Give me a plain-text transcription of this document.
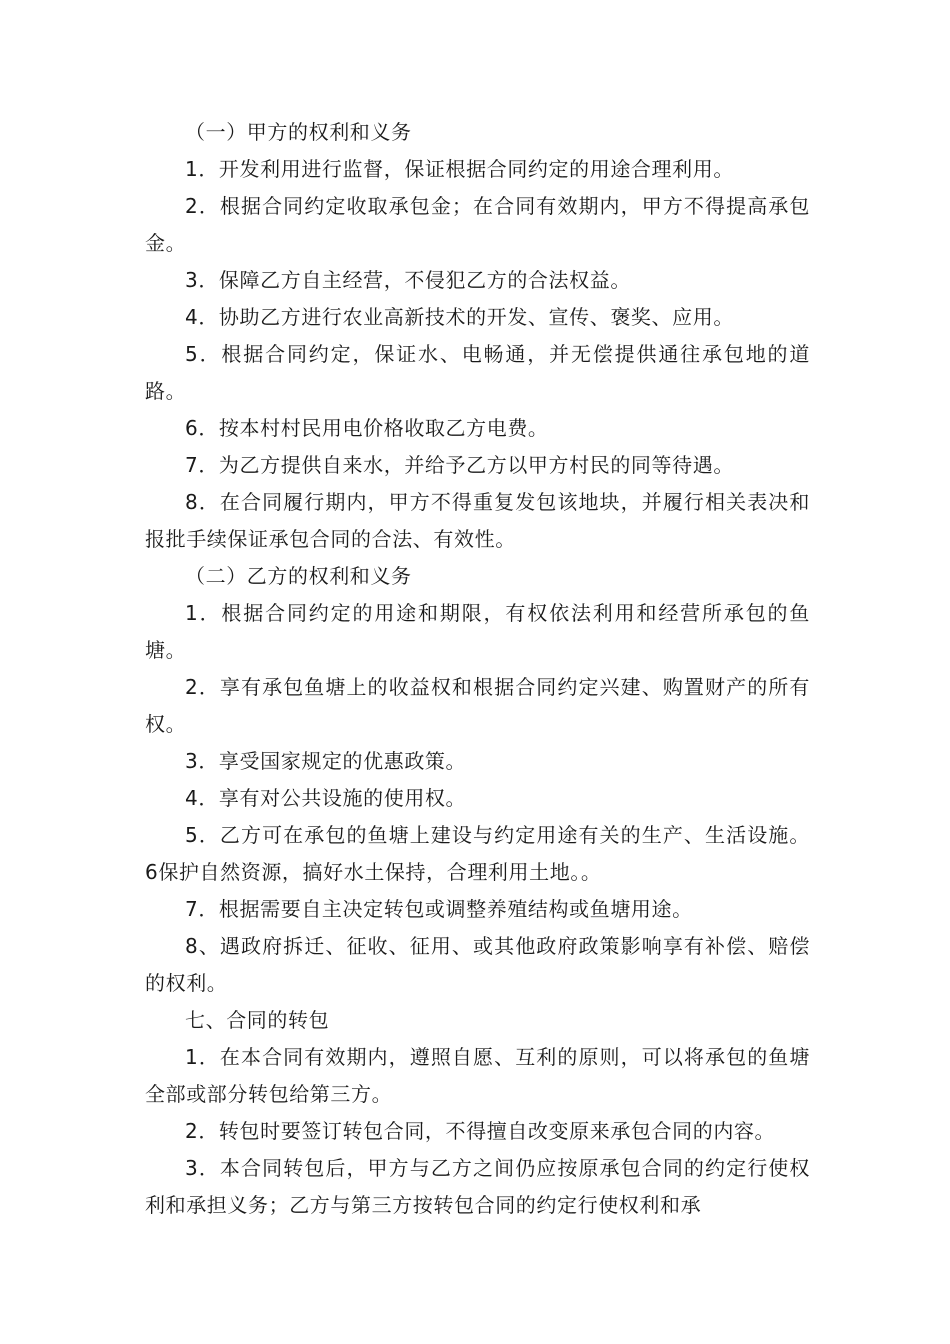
（一）甲方的权利和义务

1．开发利用进行监督，保证根据合同约定的用途合理利用。

2．根据合同约定收取承包金；在合同有效期内，甲方不得提高承包金。

3．保障乙方自主经营，不侵犯乙方的合法权益。

4．协助乙方进行农业高新技术的开发、宣传、褒奖、应用。

5．根据合同约定，保证水、电畅通，并无偿提供通往承包地的道路。

6．按本村村民用电价格收取乙方电费。

7．为乙方提供自来水，并给予乙方以甲方村民的同等待遇。

8．在合同履行期内，甲方不得重复发包该地块，并履行相关表决和报批手续保证承包合同的合法、有效性。

（二）乙方的权利和义务

1．根据合同约定的用途和期限，有权依法利用和经营所承包的鱼塘。

2．享有承包鱼塘上的收益权和根据合同约定兴建、购置财产的所有权。

3．享受国家规定的优惠政策。

4．享有对公共设施的使用权。

5．乙方可在承包的鱼塘上建设与约定用途有关的生产、生活设施。 6保护自然资源，搞好水土保持，合理利用土地。。

7．根据需要自主决定转包或调整养殖结构或鱼塘用途。

8、遇政府拆迁、征收、征用、或其他政府政策影响享有补偿、赔偿的权利。

七、合同的转包

1．在本合同有效期内，遵照自愿、互利的原则，可以将承包的鱼塘全部或部分转包给第三方。

2．转包时要签订转包合同，不得擅自改变原来承包合同的内容。

3．本合同转包后，甲方与乙方之间仍应按原承包合同的约定行使权利和承担义务；乙方与第三方按转包合同的约定行使权利和承
